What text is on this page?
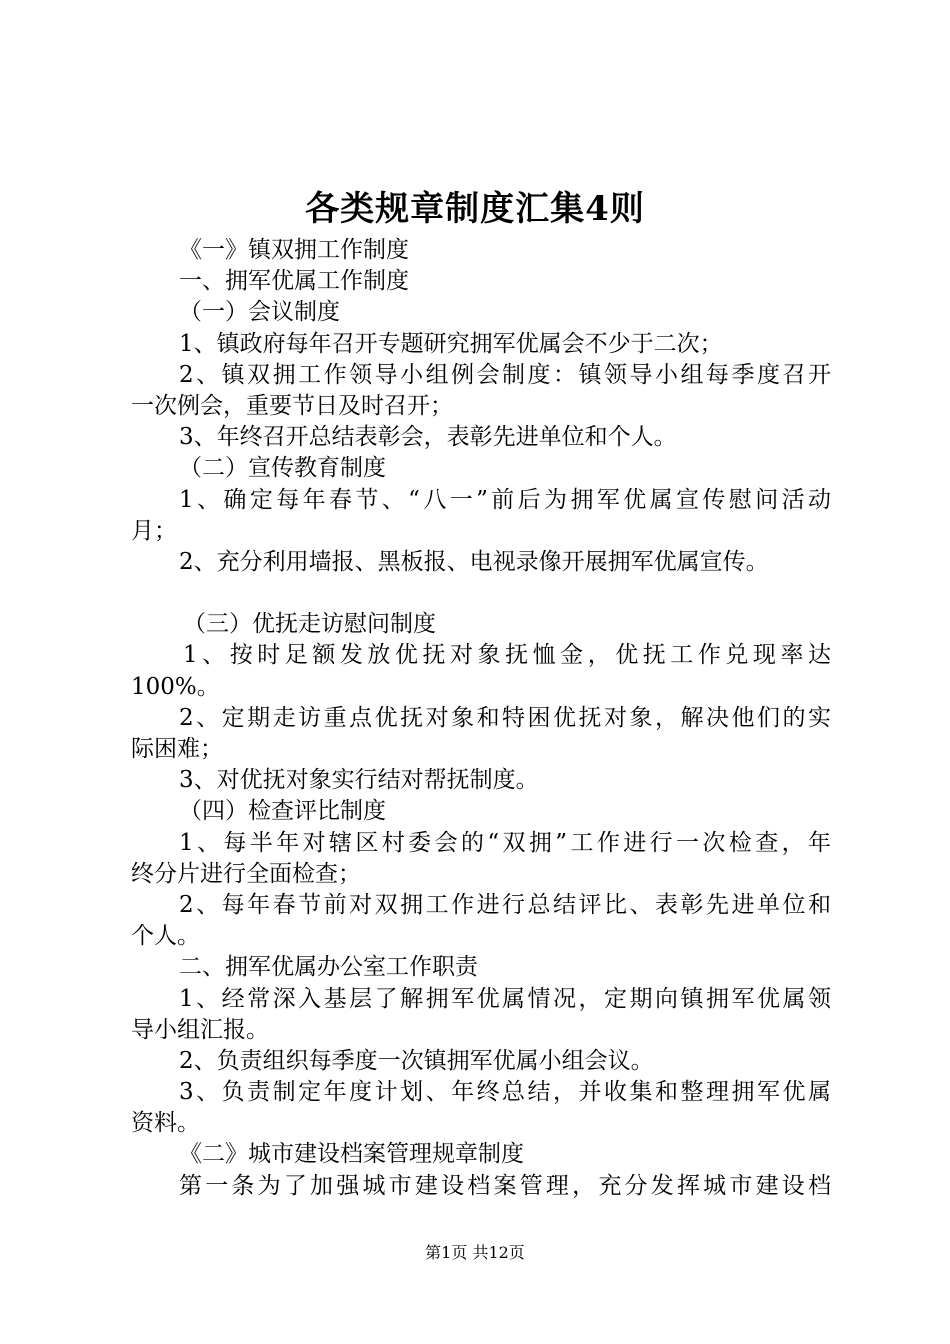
各类规章制度汇集4则
《一》镇双拥工作制度
一、拥军优属工作制度
（一）会议制度
1、镇政府每年召开专题研究拥军优属会不少于二次；
2、镇双拥工作领导小组例会制度：镇领导小组每季度召开
一次例会，重要节日及时召开；
3、年终召开总结表彰会，表彰先进单位和个人。
（二）宣传教育制度
1、确定每年春节、“八一”前后为拥军优属宣传慰问活动
月；
2、充分利用墙报、黑板报、电视录像开展拥军优属宣传。
（三）优抚走访慰问制度
1、按时足额发放优抚对象抚恤金，优抚工作兑现率达
100%。
2、定期走访重点优抚对象和特困优抚对象，解决他们的实
际困难；
3、对优抚对象实行结对帮抚制度。
（四）检查评比制度
1、每半年对辖区村委会的“双拥”工作进行一次检查，年
终分片进行全面检查；
2、每年春节前对双拥工作进行总结评比、表彰先进单位和
个人。
二、拥军优属办公室工作职责
1、经常深入基层了解拥军优属情况，定期向镇拥军优属领
导小组汇报。
2、负责组织每季度一次镇拥军优属小组会议。
3、负责制定年度计划、年终总结，并收集和整理拥军优属
资料。
《二》城市建设档案管理规章制度
第一条为了加强城市建设档案管理，充分发挥城市建设档
第1页 共12页
